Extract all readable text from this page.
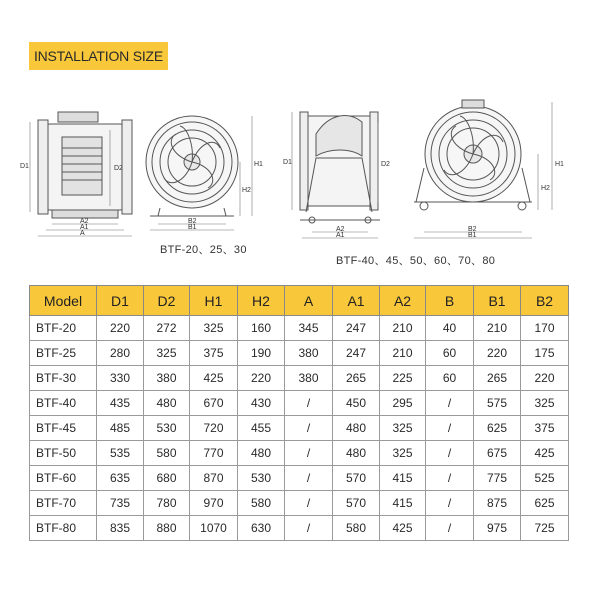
INSTALLATION SIZE
D1	D2
A2
A1
A
H1
H2
B2
B1
D1	D2
A2
A1
H1
H2
B2
B1
BTF-20、25、30
BTF-40、45、50、60、70、80
Model	D1	D2	H1	H2	A	A1	A2	B	B1	B2
BTF-20	220	272	325	160	345	247	210	40	210	170
BTF-25	280	325	375	190	380	247	210	60	220	175
BTF-30	330	380	425	220	380	265	225	60	265	220
BTF-40	435	480	670	430	/	450	295	/	575	325
BTF-45	485	530	720	455	/	480	325	/	625	375
BTF-50	535	580	770	480	/	480	325	/	675	425
BTF-60	635	680	870	530	/	570	415	/	775	525
BTF-70	735	780	970	580	/	570	415	/	875	625
BTF-80	835	880	1070	630	/	580	425	/	975	725
